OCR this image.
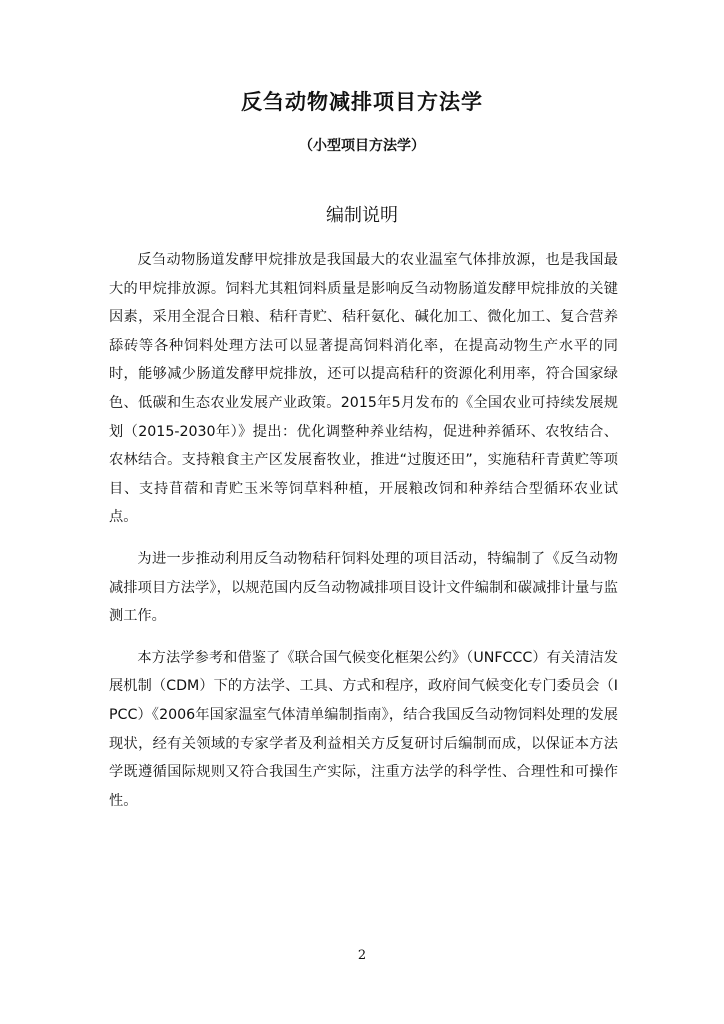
反刍动物减排项目方法学
（小型项目方法学）
编制说明

反刍动物肠道发酵甲烷排放是我国最大的农业温室气体排放源，也是我国最大的甲烷排放源。饲料尤其粗饲料质量是影响反刍动物肠道发酵甲烷排放的关键因素，采用全混合日粮、秸秆青贮、秸秆氨化、碱化加工、微化加工、复合营养舔砖等各种饲料处理方法可以显著提高饲料消化率，在提高动物生产水平的同时，能够减少肠道发酵甲烷排放，还可以提高秸秆的资源化利用率，符合国家绿色、低碳和生态农业发展产业政策。2015年5月发布的《全国农业可持续发展规划（2015-2030年）》提出：优化调整种养业结构，促进种养循环、农牧结合、农林结合。支持粮食主产区发展畜牧业，推进“过腹还田”，实施秸秆青黄贮等项目、支持苜蓿和青贮玉米等饲草料种植，开展粮改饲和种养结合型循环农业试点。

为进一步推动利用反刍动物秸秆饲料处理的项目活动，特编制了《反刍动物减排项目方法学》，以规范国内反刍动物减排项目设计文件编制和碳减排计量与监测工作。

本方法学参考和借鉴了《联合国气候变化框架公约》（UNFCCC）有关清洁发展机制（CDM）下的方法学、工具、方式和程序，政府间气候变化专门委员会（IPCC）《2006年国家温室气体清单编制指南》，结合我国反刍动物饲料处理的发展现状，经有关领域的专家学者及利益相关方反复研讨后编制而成，以保证本方法学既遵循国际规则又符合我国生产实际，注重方法学的科学性、合理性和可操作性。

2
